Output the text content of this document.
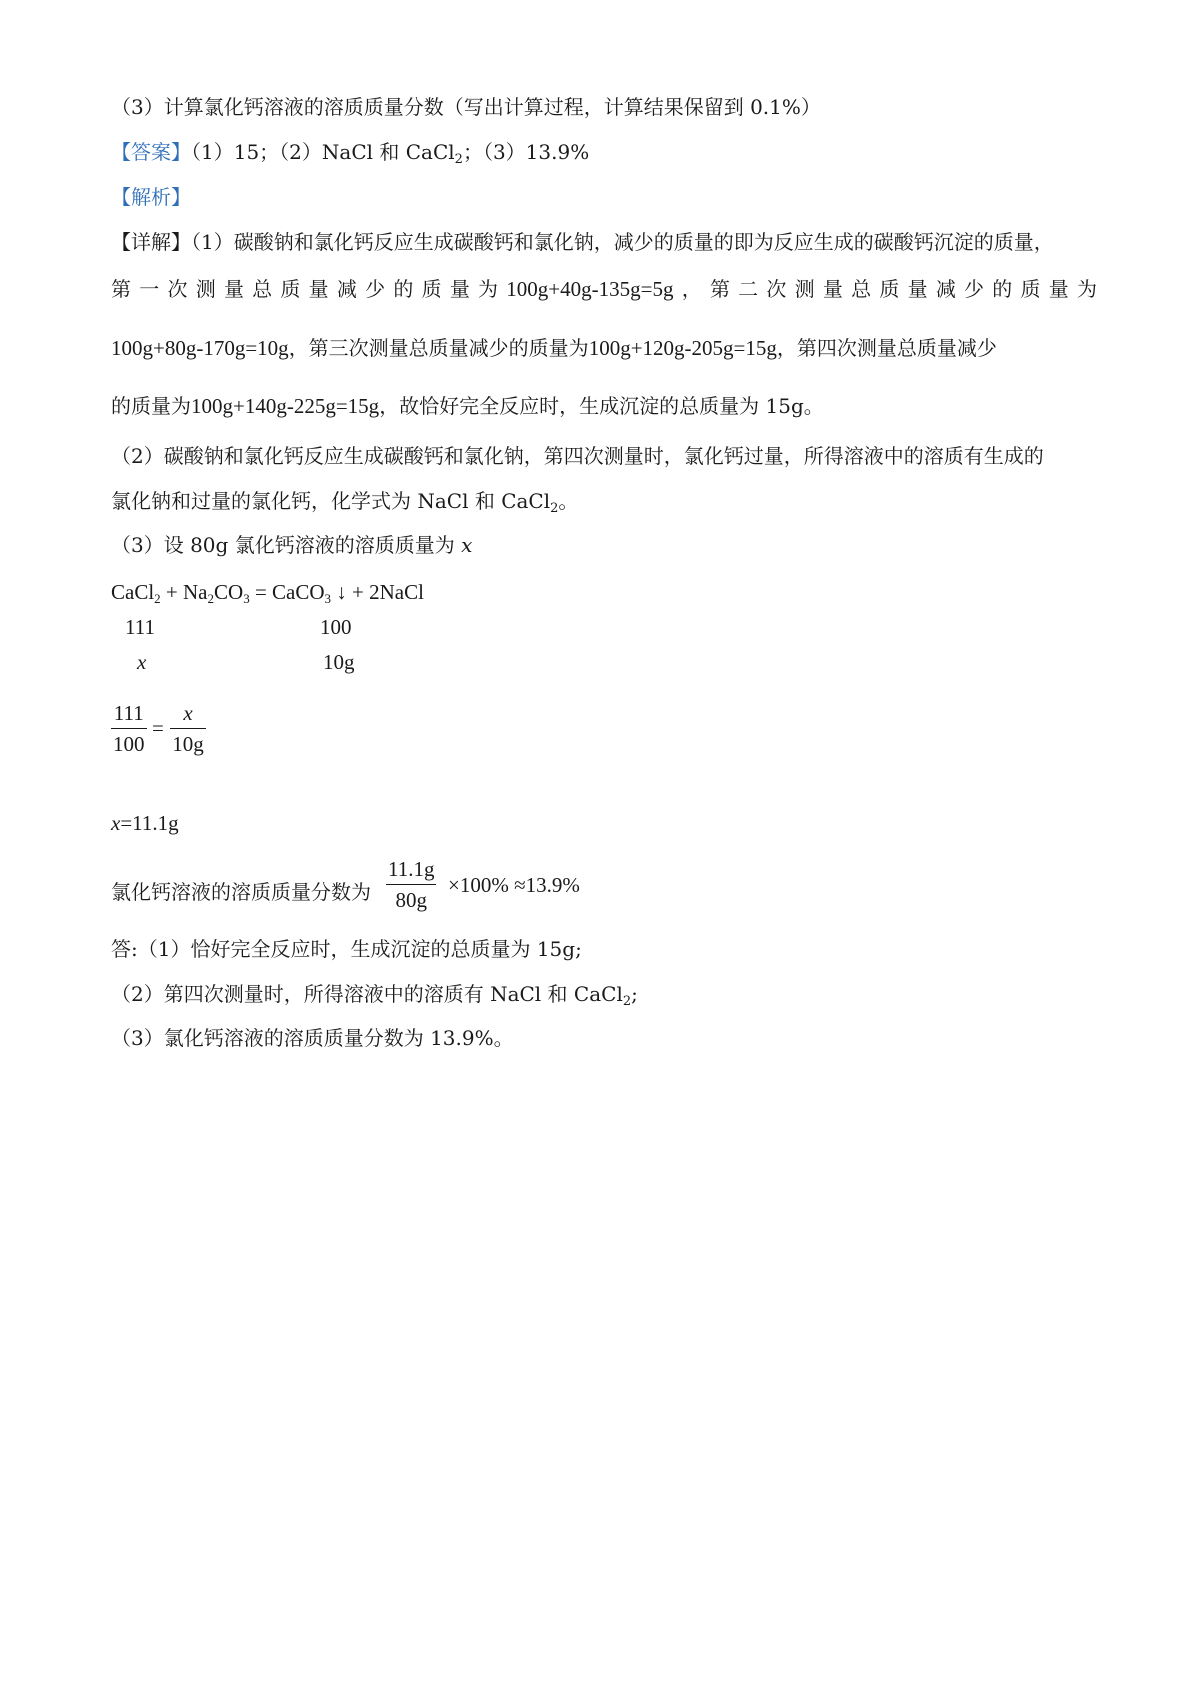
（3）计算氯化钙溶液的溶质质量分数（写出计算过程，计算结果保留到 0.1%）
【答案】（1）15；（2）NaCl 和 CaCl$_2$；（3）13.9%
【解析】
【详解】（1）碳酸钠和氯化钙反应生成碳酸钙和氯化钠，减少的质量的即为反应生成的碳酸钙沉淀的质量，
第 一 次 测 量 总 质 量 减 少 的 质 量 为 100g+40g-135g=5g ， 第 二 次 测 量 总 质 量 减 少 的 质 量 为
100g+80g-170g=10g，第三次测量总质量减少的质量为100g+120g-205g=15g，第四次测量总质量减少
的质量为100g+140g-225g=15g，故恰好完全反应时，生成沉淀的总质量为 15g。
（2）碳酸钠和氯化钙反应生成碳酸钙和氯化钠，第四次测量时，氯化钙过量，所得溶液中的溶质有生成的
氯化钠和过量的氯化钙，化学式为 NaCl 和 CaCl$_2$。
（3）设 80g 氯化钙溶液的溶质质量为 x
CaCl$_2$ + $Na_2CO_3$ = CaCO$_3$ ↓ + 2NaCl
111	100
x	10g
111
100
=
x
10g
x=11.1g
氯化钙溶液的溶质质量分数为
11.1g
80g
×100% ≈13.9%
答:（1）恰好完全反应时，生成沉淀的总质量为 15g;
（2）第四次测量时，所得溶液中的溶质有 NaCl 和 CaCl$_2$;
（3）氯化钙溶液的溶质质量分数为 13.9%。
